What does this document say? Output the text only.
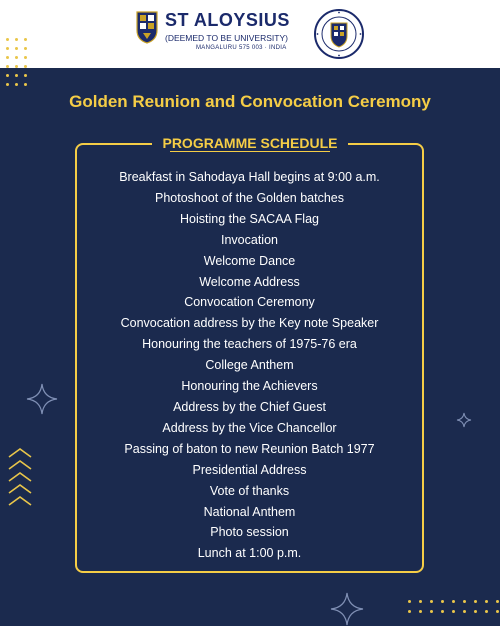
ST ALOYSIUS
(DEEMED TO BE UNIVERSITY)
MANGALURU 575 003 · INDIA
Golden Reunion and Convocation Ceremony
PROGRAMME SCHEDULE
Breakfast in Sahodaya Hall begins at 9:00 a.m.
Photoshoot of the Golden batches
Hoisting the SACAA Flag
Invocation
Welcome Dance
Welcome Address
Convocation Ceremony
Convocation address by the Key note Speaker
Honouring the teachers of 1975-76 era
College Anthem
Honouring the Achievers
Address by the Chief Guest
Address by the Vice Chancellor
Passing of baton to new Reunion Batch 1977
Presidential Address
Vote of thanks
National Anthem
Photo session
Lunch at 1:00 p.m.
